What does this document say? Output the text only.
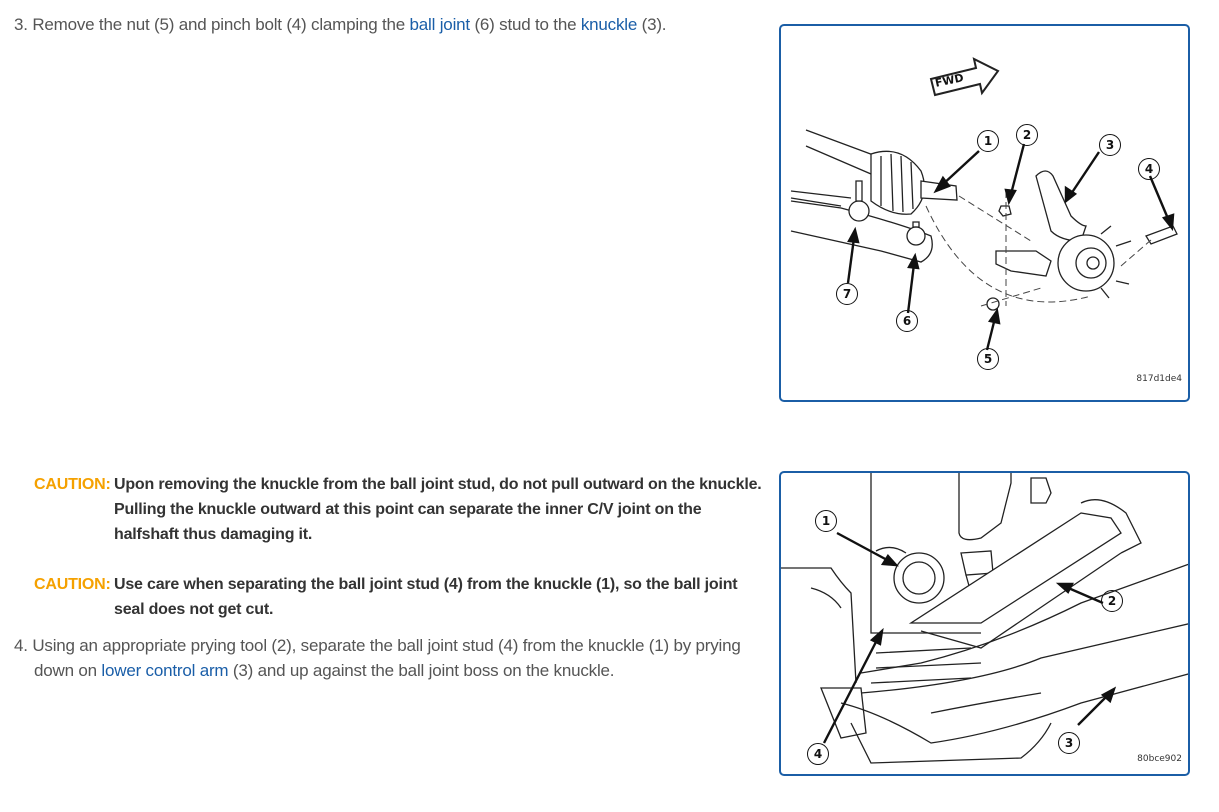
3. Remove the nut (5) and pinch bolt (4) clamping the ball joint (6) stud to the knuckle (3).
1	2
3
4
5
6
7
FWD
817d1de4
CAUTION: Upon removing the knuckle from the ball joint stud, do not pull outward on the knuckle. Pulling the knuckle outward at this point can separate the inner C/V joint on the halfshaft thus damaging it.
CAUTION: Use care when separating the ball joint stud (4) from the knuckle (1), so the ball joint seal does not get cut.
4. Using an appropriate prying tool (2), separate the ball joint stud (4) from the knuckle (1) by prying down on lower control arm (3) and up against the ball joint boss on the knuckle.
1
2
3
4	80bce902
